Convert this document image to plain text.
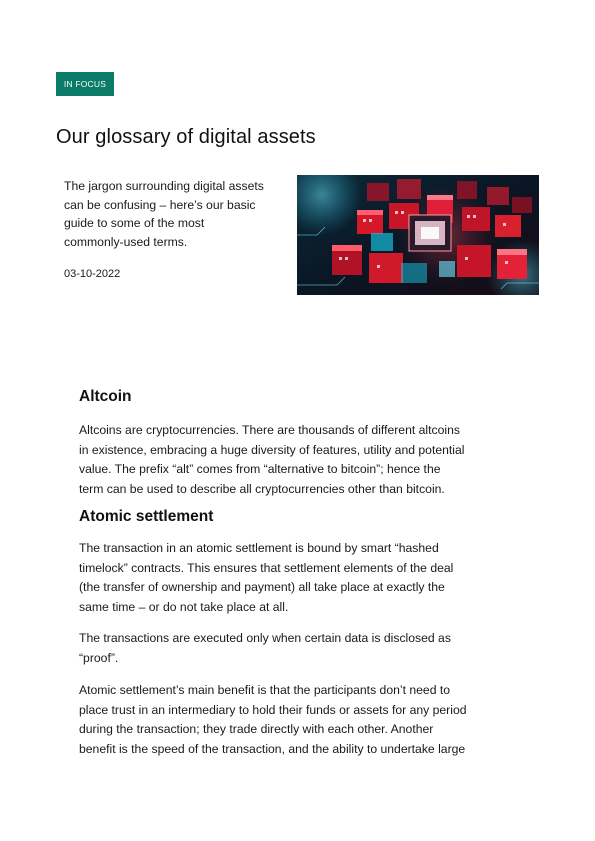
IN FOCUS
Our glossary of digital assets

The jargon surrounding digital assets
can be confusing – here’s our basic
guide to some of the most
commonly-used terms.

03-10-2022
Altcoin

Altcoins are cryptocurrencies. There are thousands of different altcoins
in existence, embracing a huge diversity of features, utility and potential
value. The prefix “alt” comes from “alternative to bitcoin”; hence the
term can be used to describe all cryptocurrencies other than bitcoin.

Atomic settlement

The transaction in an atomic settlement is bound by smart “hashed
timelock” contracts. This ensures that settlement elements of the deal
(the transfer of ownership and payment) all take place at exactly the
same time – or do not take place at all.

The transactions are executed only when certain data is disclosed as
“proof”.

Atomic settlement’s main benefit is that the participants don’t need to
place trust in an intermediary to hold their funds or assets for any period
during the transaction; they trade directly with each other. Another
benefit is the speed of the transaction, and the ability to undertake large
